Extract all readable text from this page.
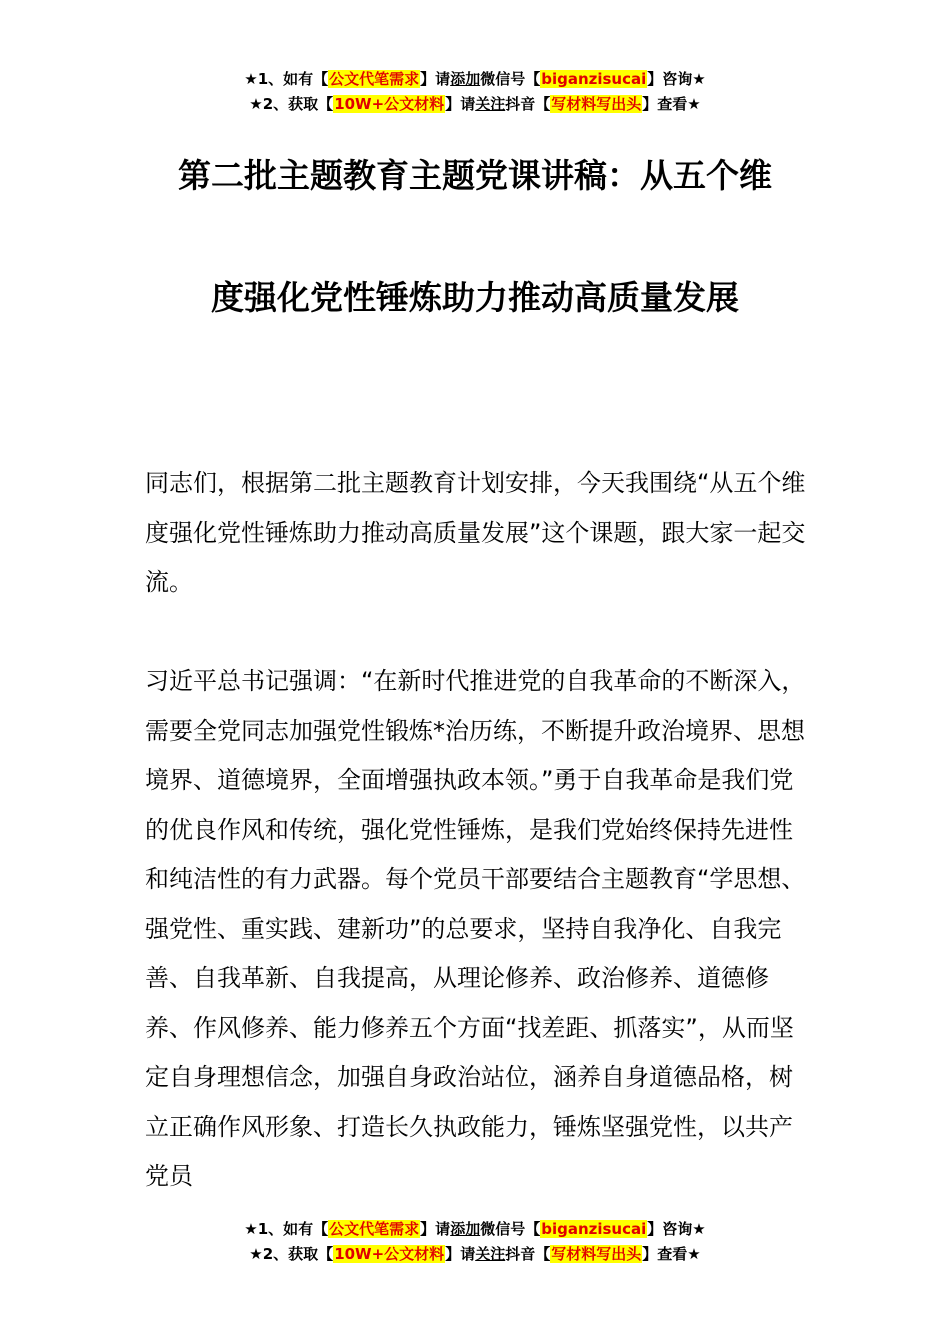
★1、如有【公文代笔需求】请添加微信号【biganzisucai】咨询★
★2、获取【10W+公文材料】请关注抖音【写材料写出头】查看★
第二批主题教育主题党课讲稿：从五个维
度强化党性锤炼助力推动高质量发展

同志们，根据第二批主题教育计划安排，今天我围绕“从五个维度强化党性锤炼助力推动高质量发展”这个课题，跟大家一起交流。

习近平总书记强调：“在新时代推进党的自我革命的不断深入，需要全党同志加强党性锻炼*治历练，不断提升政治境界、思想境界、道德境界，全面增强执政本领。”勇于自我革命是我们党的优良作风和传统，强化党性锤炼，是我们党始终保持先进性和纯洁性的有力武器。每个党员干部要结合主题教育“学思想、强党性、重实践、建新功”的总要求，坚持自我净化、自我完善、自我革新、自我提高，从理论修养、政治修养、道德修养、作风修养、能力修养五个方面“找差距、抓落实”，从而坚定自身理想信念，加强自身政治站位，涵养自身道德品格，树立正确作风形象、打造长久执政能力，锤炼坚强党性，以共产党员

★1、如有【公文代笔需求】请添加微信号【biganzisucai】咨询★
★2、获取【10W+公文材料】请关注抖音【写材料写出头】查看★
